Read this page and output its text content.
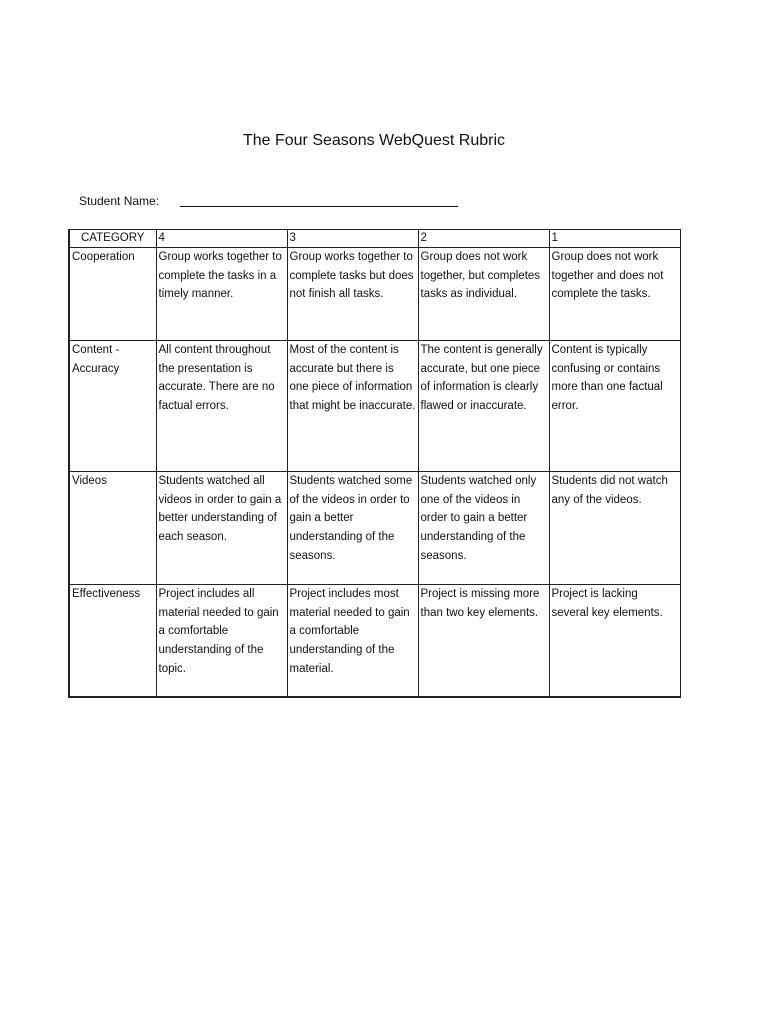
The Four Seasons WebQuest Rubric
Student Name:
CATEGORY	4	3	2	1
Cooperation	Group works together to complete the tasks in a timely manner.	Group works together to complete tasks but does not finish all tasks.	Group does not work together, but completes tasks as individual.	Group does not work together and does not complete the tasks.
Content - Accuracy	All content throughout the presentation is accurate. There are no factual errors.	Most of the content is accurate but there is one piece of information that might be inaccurate.	The content is generally accurate, but one piece of information is clearly flawed or inaccurate.	Content is typically confusing or contains more than one factual error.
Videos	Students watched all videos in order to gain a better understanding of each season.	Students watched some of the videos in order to gain a better understanding of the seasons.	Students watched only one of the videos in order to gain a better understanding of the seasons.	Students did not watch any of the videos.
Effectiveness	Project includes all material needed to gain a comfortable understanding of the topic.	Project includes most material needed to gain a comfortable understanding of the material.	Project is missing more than two key elements.	Project is lacking several key elements.
